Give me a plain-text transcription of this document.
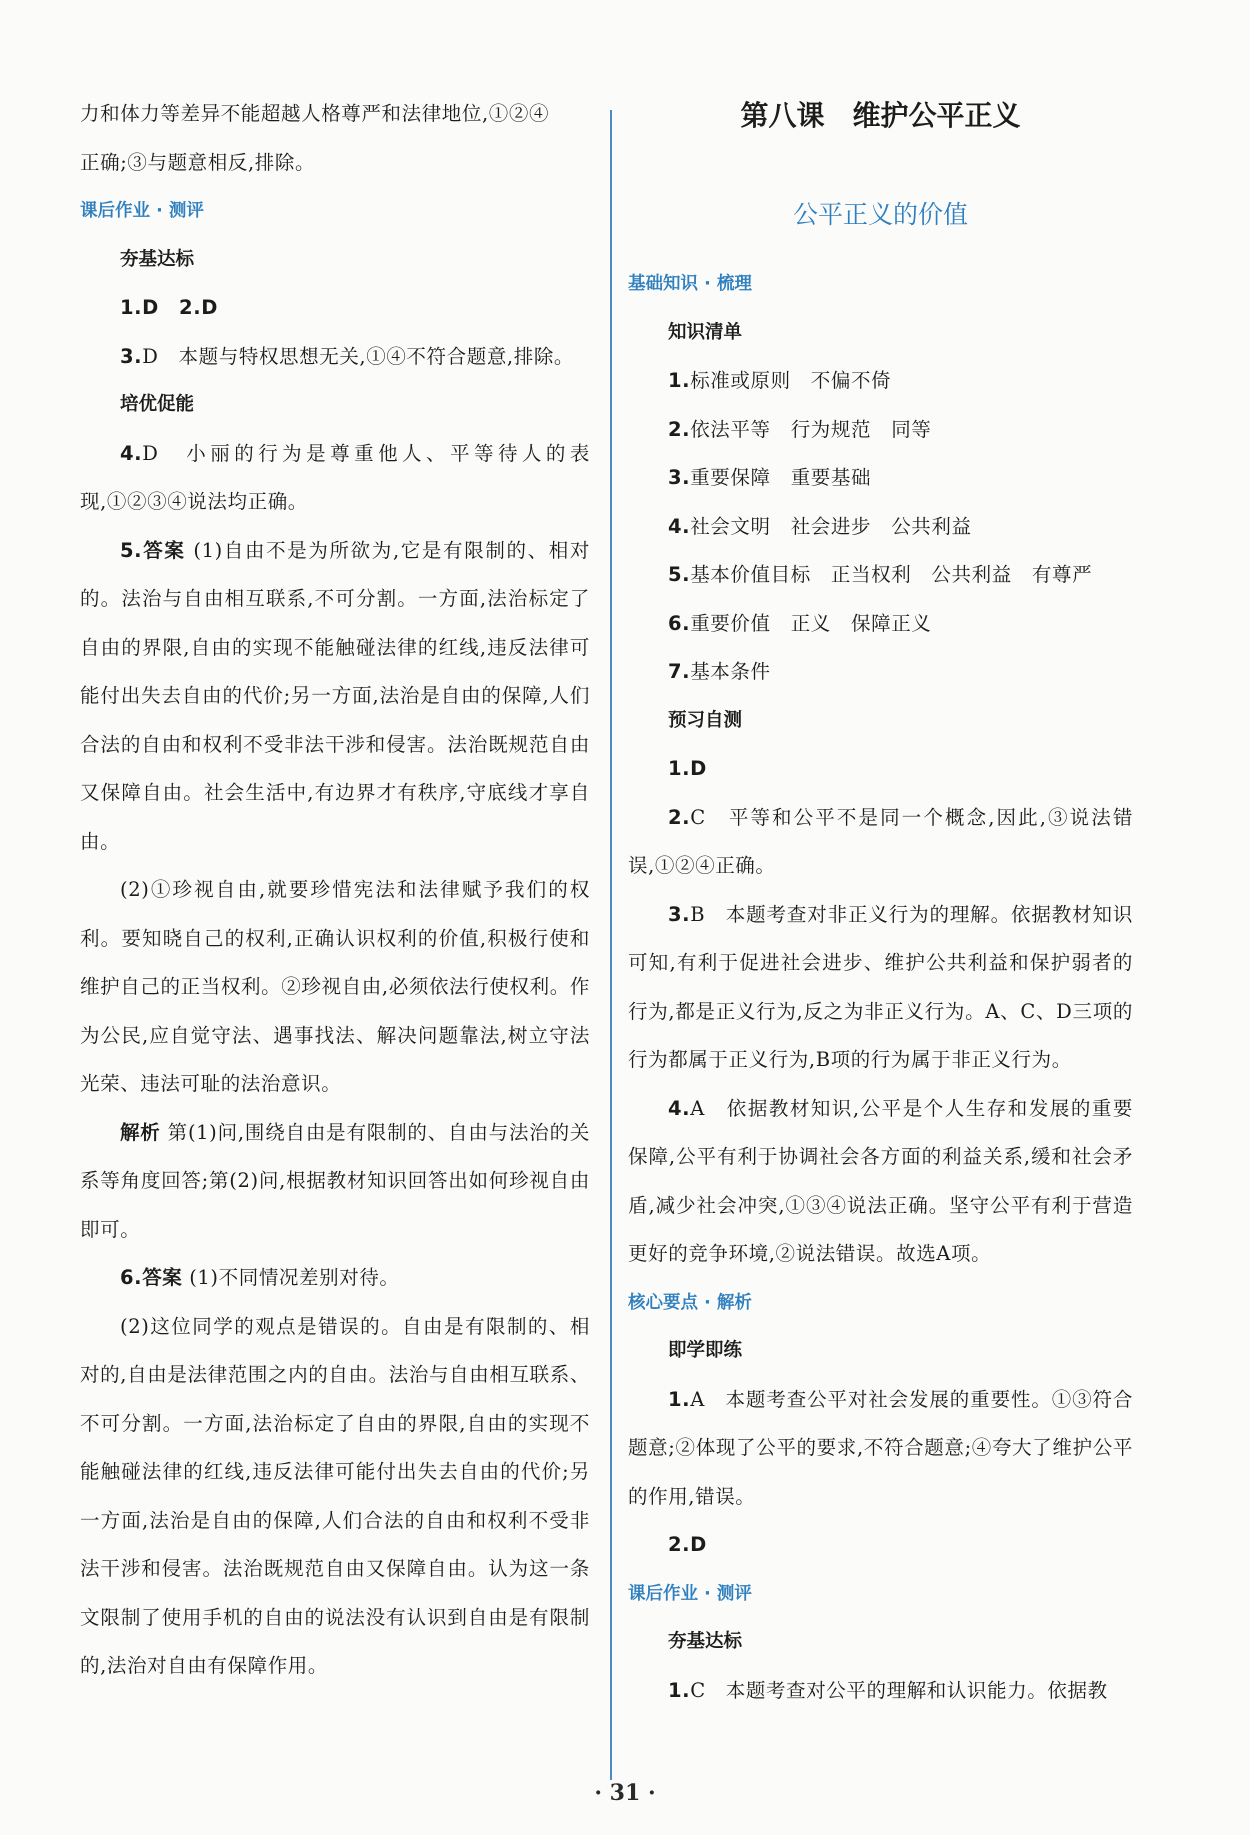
力和体力等差异不能超越人格尊严和法律地位,①②④

正确;③与题意相反,排除。

课后作业 · 测评
夯基达标

1.D　2.D

3.D　本题与特权思想无关,①④不符合题意,排除。

培优促能

4.D　小丽的行为是尊重他人、平等待人的表现,①②③④说法均正确。

5.答案 (1)自由不是为所欲为,它是有限制的、相对的。法治与自由相互联系,不可分割。一方面,法治标定了自由的界限,自由的实现不能触碰法律的红线,违反法律可能付出失去自由的代价;另一方面,法治是自由的保障,人们合法的自由和权利不受非法干涉和侵害。法治既规范自由又保障自由。社会生活中,有边界才有秩序,守底线才享自由。

(2)①珍视自由,就要珍惜宪法和法律赋予我们的权利。要知晓自己的权利,正确认识权利的价值,积极行使和维护自己的正当权利。②珍视自由,必须依法行使权利。作为公民,应自觉守法、遇事找法、解决问题靠法,树立守法光荣、违法可耻的法治意识。

解析 第(1)问,围绕自由是有限制的、自由与法治的关系等角度回答;第(2)问,根据教材知识回答出如何珍视自由即可。

6.答案 (1)不同情况差别对待。

(2)这位同学的观点是错误的。自由是有限制的、相对的,自由是法律范围之内的自由。法治与自由相互联系、不可分割。一方面,法治标定了自由的界限,自由的实现不能触碰法律的红线,违反法律可能付出失去自由的代价;另一方面,法治是自由的保障,人们合法的自由和权利不受非法干涉和侵害。法治既规范自由又保障自由。认为这一条文限制了使用手机的自由的说法没有认识到自由是有限制的,法治对自由有保障作用。

第八课　维护公平正义
公平正义的价值
基础知识 · 梳理
知识清单

1.标准或原则　不偏不倚

2.依法平等　行为规范　同等

3.重要保障　重要基础

4.社会文明　社会进步　公共利益

5.基本价值目标　正当权利　公共利益　有尊严

6.重要价值　正义　保障正义

7.基本条件

预习自测

1.D

2.C　平等和公平不是同一个概念,因此,③说法错误,①②④正确。

3.B　本题考查对非正义行为的理解。依据教材知识可知,有利于促进社会进步、维护公共利益和保护弱者的行为,都是正义行为,反之为非正义行为。A、C、D三项的行为都属于正义行为,B项的行为属于非正义行为。

4.A　依据教材知识,公平是个人生存和发展的重要保障,公平有利于协调社会各方面的利益关系,缓和社会矛盾,减少社会冲突,①③④说法正确。坚守公平有利于营造更好的竞争环境,②说法错误。故选A项。

核心要点 · 解析
即学即练

1.A　本题考查公平对社会发展的重要性。①③符合题意;②体现了公平的要求,不符合题意;④夸大了维护公平的作用,错误。

2.D

课后作业 · 测评
夯基达标

1.C　本题考查对公平的理解和认识能力。依据教

· 31 ·
